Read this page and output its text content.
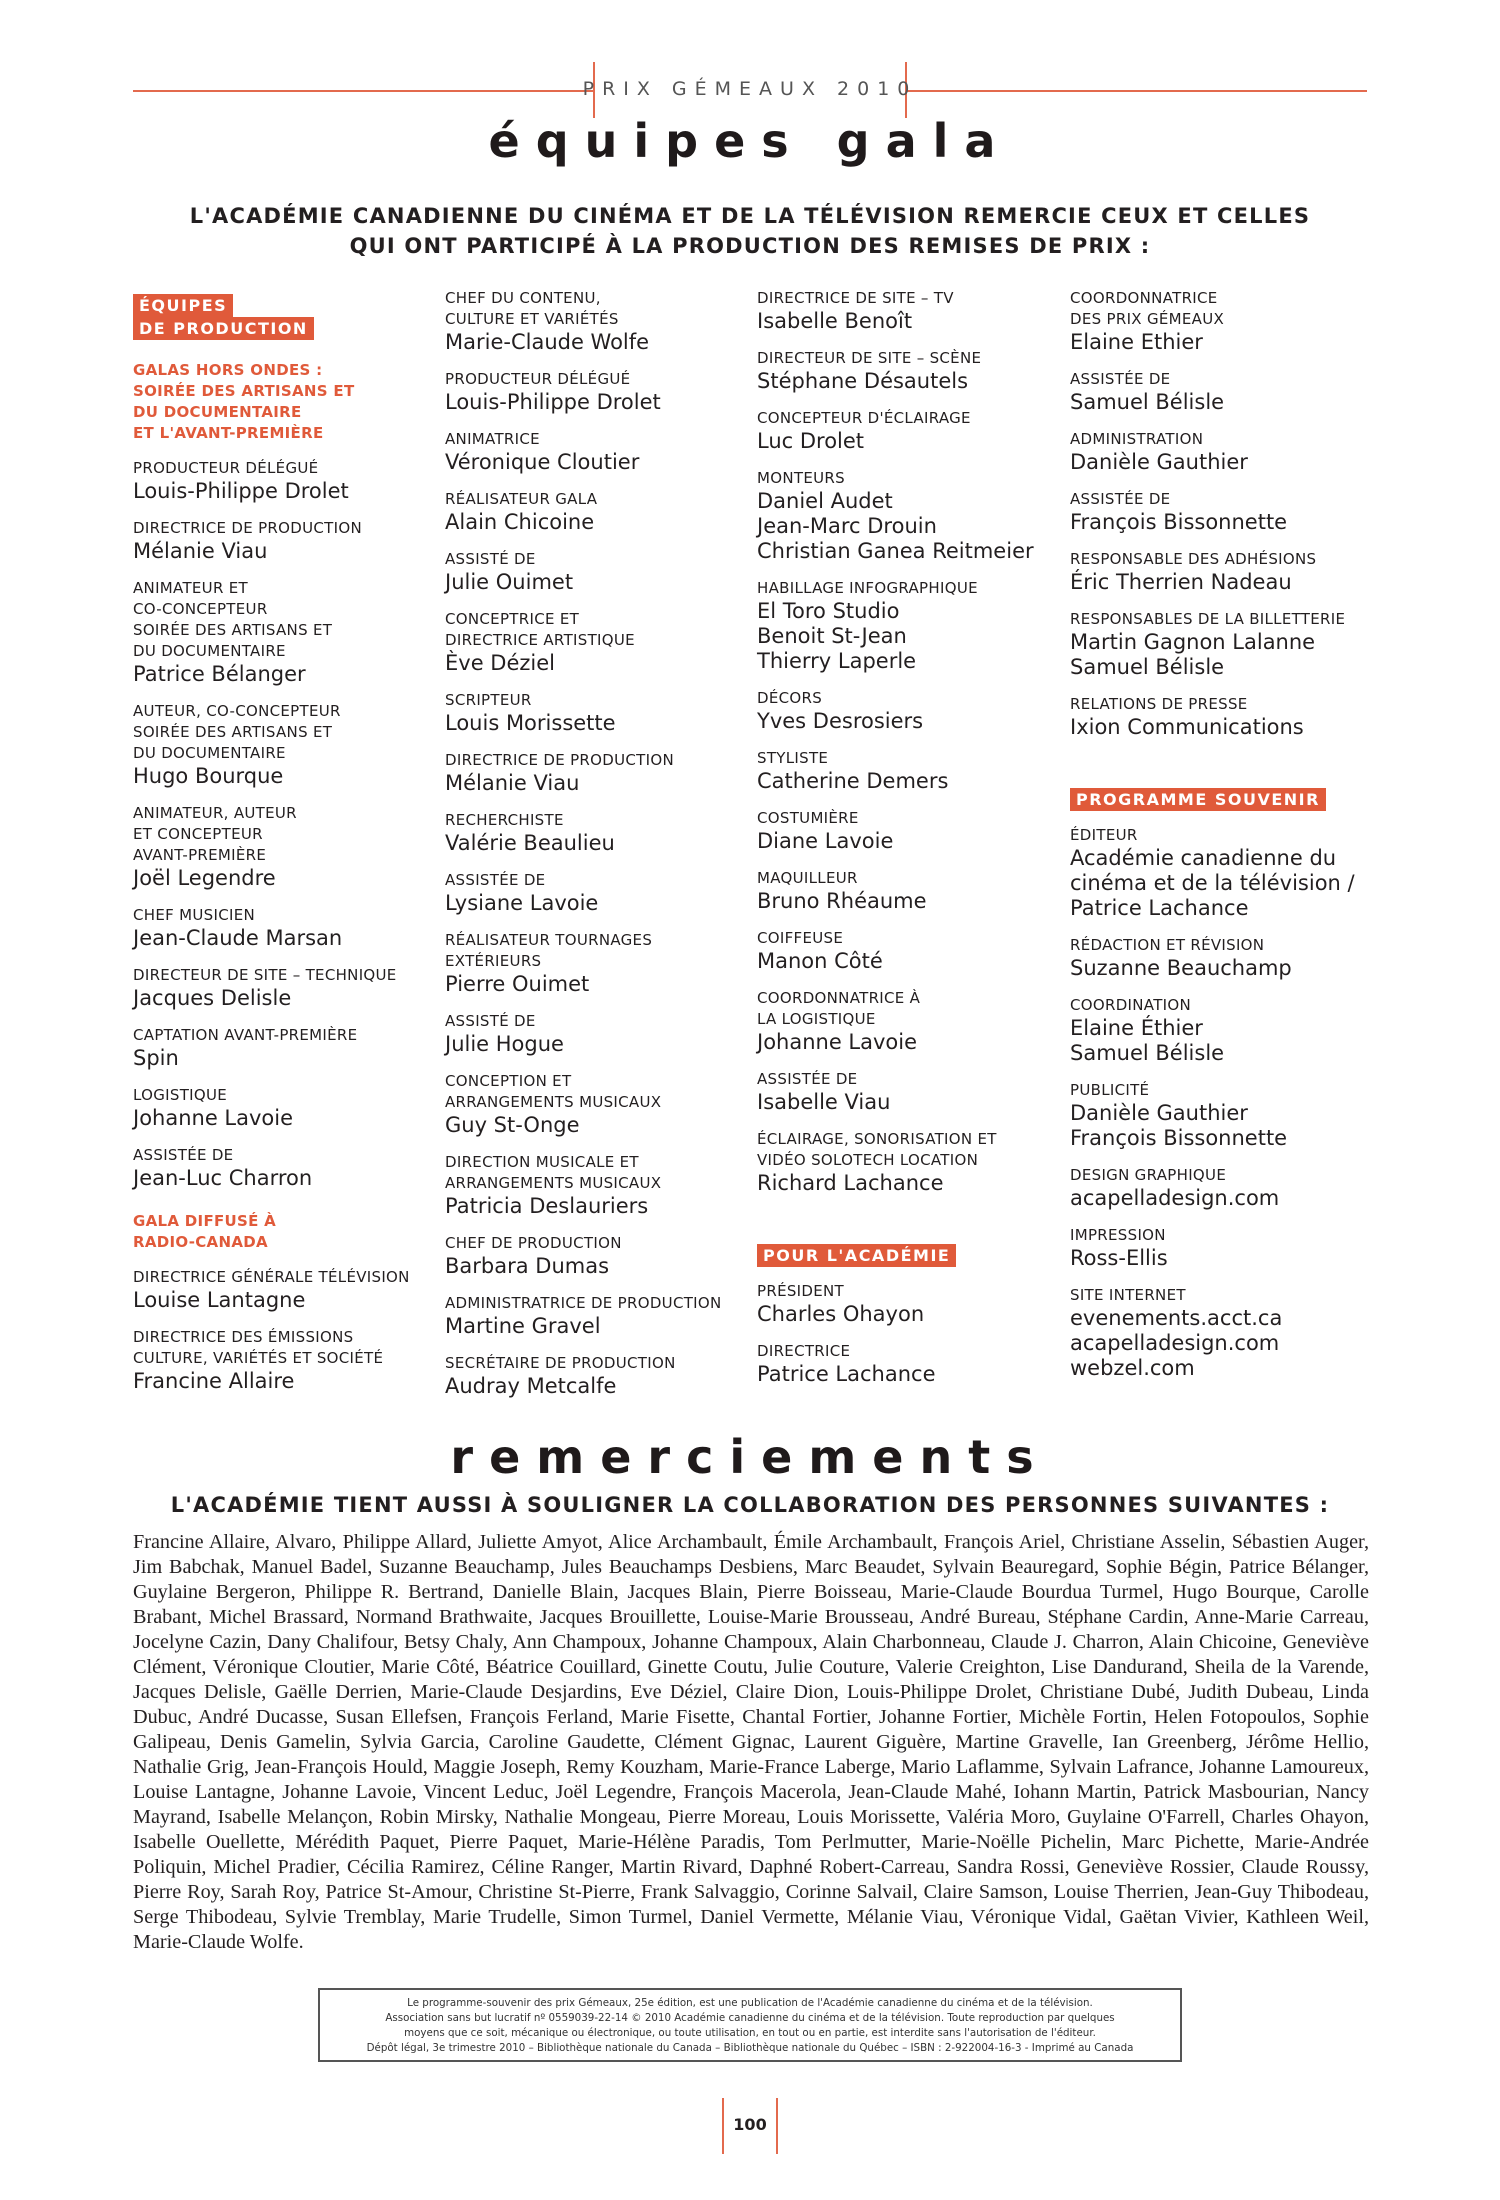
PRIX GÉMEAUX 2010
équipes gala
L'ACADÉMIE CANADIENNE DU CINÉMA ET DE LA TÉLÉVISION REMERCIE CEUX ET CELLES
QUI ONT PARTICIPÉ À LA PRODUCTION DES REMISES DE PRIX :
ÉQUIPES
DE PRODUCTION
GALAS HORS ONDES :
SOIRÉE DES ARTISANS ET
DU DOCUMENTAIRE
ET L'AVANT-PREMIÈRE
PRODUCTEUR DÉLÉGUÉ
Louis-Philippe Drolet
DIRECTRICE DE PRODUCTION
Mélanie Viau
ANIMATEUR ET
CO-CONCEPTEUR
SOIRÉE DES ARTISANS ET
DU DOCUMENTAIRE
Patrice Bélanger
AUTEUR, CO-CONCEPTEUR
SOIRÉE DES ARTISANS ET
DU DOCUMENTAIRE
Hugo Bourque
ANIMATEUR, AUTEUR
ET CONCEPTEUR
AVANT-PREMIÈRE
Joël Legendre
CHEF MUSICIEN
Jean-Claude Marsan
DIRECTEUR DE SITE – TECHNIQUE
Jacques Delisle
CAPTATION AVANT-PREMIÈRE
Spin
LOGISTIQUE
Johanne Lavoie
ASSISTÉE DE
Jean-Luc Charron
GALA DIFFUSÉ À
RADIO-CANADA
DIRECTRICE GÉNÉRALE TÉLÉVISION
Louise Lantagne
DIRECTRICE DES ÉMISSIONS
CULTURE, VARIÉTÉS ET SOCIÉTÉ
Francine Allaire
CHEF DU CONTENU,
CULTURE ET VARIÉTÉS
Marie-Claude Wolfe
PRODUCTEUR DÉLÉGUÉ
Louis-Philippe Drolet
ANIMATRICE
Véronique Cloutier
RÉALISATEUR GALA
Alain Chicoine
ASSISTÉ DE
Julie Ouimet
CONCEPTRICE ET
DIRECTRICE ARTISTIQUE
Ève Déziel
SCRIPTEUR
Louis Morissette
DIRECTRICE DE PRODUCTION
Mélanie Viau
RECHERCHISTE
Valérie Beaulieu
ASSISTÉE DE
Lysiane Lavoie
RÉALISATEUR TOURNAGES
EXTÉRIEURS
Pierre Ouimet
ASSISTÉ DE
Julie Hogue
CONCEPTION ET
ARRANGEMENTS MUSICAUX
Guy St-Onge
DIRECTION MUSICALE ET
ARRANGEMENTS MUSICAUX
Patricia Deslauriers
CHEF DE PRODUCTION
Barbara Dumas
ADMINISTRATRICE DE PRODUCTION
Martine Gravel
SECRÉTAIRE DE PRODUCTION
Audray Metcalfe
DIRECTRICE DE SITE – TV
Isabelle Benoît
DIRECTEUR DE SITE – SCÈNE
Stéphane Désautels
CONCEPTEUR D'ÉCLAIRAGE
Luc Drolet
MONTEURS
Daniel Audet
Jean-Marc Drouin
Christian Ganea Reitmeier
HABILLAGE INFOGRAPHIQUE
El Toro Studio
Benoit St-Jean
Thierry Laperle
DÉCORS
Yves Desrosiers
STYLISTE
Catherine Demers
COSTUMIÈRE
Diane Lavoie
MAQUILLEUR
Bruno Rhéaume
COIFFEUSE
Manon Côté
COORDONNATRICE À
LA LOGISTIQUE
Johanne Lavoie
ASSISTÉE DE
Isabelle Viau
ÉCLAIRAGE, SONORISATION ET
VIDÉO SOLOTECH LOCATION
Richard Lachance
POUR L'ACADÉMIE
PRÉSIDENT
Charles Ohayon
DIRECTRICE
Patrice Lachance
COORDONNATRICE
DES PRIX GÉMEAUX
Elaine Ethier
ASSISTÉE DE
Samuel Bélisle
ADMINISTRATION
Danièle Gauthier
ASSISTÉE DE
François Bissonnette
RESPONSABLE DES ADHÉSIONS
Éric Therrien Nadeau
RESPONSABLES DE LA BILLETTERIE
Martin Gagnon Lalanne
Samuel Bélisle
RELATIONS DE PRESSE
Ixion Communications
PROGRAMME SOUVENIR
ÉDITEUR
Académie canadienne du
cinéma et de la télévision /
Patrice Lachance
RÉDACTION ET RÉVISION
Suzanne Beauchamp
COORDINATION
Elaine Éthier
Samuel Bélisle
PUBLICITÉ
Danièle Gauthier
François Bissonnette
DESIGN GRAPHIQUE
acapelladesign.com
IMPRESSION
Ross-Ellis
SITE INTERNET
evenements.acct.ca
acapelladesign.com
webzel.com
remerciements
L'ACADÉMIE TIENT AUSSI À SOULIGNER LA COLLABORATION DES PERSONNES SUIVANTES :
Francine Allaire, Alvaro, Philippe Allard, Juliette Amyot, Alice Archambault, Émile Archambault, François Ariel, Christiane Asselin, Sébastien Auger, Jim Babchak, Manuel Badel, Suzanne Beauchamp, Jules Beauchamps Desbiens, Marc Beaudet, Sylvain Beauregard, Sophie Bégin, Patrice Bélanger, Guylaine Bergeron, Philippe R. Bertrand, Danielle Blain, Jacques Blain, Pierre Boisseau, Marie-Claude Bourdua Turmel, Hugo Bourque, Carolle Brabant, Michel Brassard, Normand Brathwaite, Jacques Brouillette, Louise-Marie Brousseau, André Bureau, Stéphane Cardin, Anne-Marie Carreau, Jocelyne Cazin, Dany Chalifour, Betsy Chaly, Ann Champoux, Johanne Champoux, Alain Charbonneau, Claude J. Charron, Alain Chicoine, Geneviève Clément, Véronique Cloutier, Marie Côté, Béatrice Couillard, Ginette Coutu, Julie Couture, Valerie Creighton, Lise Dandurand, Sheila de la Varende, Jacques Delisle, Gaëlle Derrien, Marie-Claude Desjardins, Eve Déziel, Claire Dion, Louis-Philippe Drolet, Christiane Dubé, Judith Dubeau, Linda Dubuc, André Ducasse, Susan Ellefsen, François Ferland, Marie Fisette, Chantal Fortier, Johanne Fortier, Michèle Fortin, Helen Fotopoulos, Sophie Galipeau, Denis Gamelin, Sylvia Garcia, Caroline Gaudette, Clément Gignac, Laurent Giguère, Martine Gravelle, Ian Greenberg, Jérôme Hellio, Nathalie Grig, Jean-François Hould, Maggie Joseph, Remy Kouzham, Marie-France Laberge, Mario Laflamme, Sylvain Lafrance, Johanne Lamoureux, Louise Lantagne, Johanne Lavoie, Vincent Leduc, Joël Legendre, François Macerola, Jean-Claude Mahé, Iohann Martin, Patrick Masbourian, Nancy Mayrand, Isabelle Melançon, Robin Mirsky, Nathalie Mongeau, Pierre Moreau, Louis Morissette, Valéria Moro, Guylaine O'Farrell, Charles Ohayon, Isabelle Ouellette, Mérédith Paquet, Pierre Paquet, Marie-Hélène Paradis, Tom Perlmutter, Marie-Noëlle Pichelin, Marc Pichette, Marie-Andrée Poliquin, Michel Pradier, Cécilia Ramirez, Céline Ranger, Martin Rivard, Daphné Robert-Carreau, Sandra Rossi, Geneviève Rossier, Claude Roussy, Pierre Roy, Sarah Roy, Patrice St-Amour, Christine St-Pierre, Frank Salvaggio, Corinne Salvail, Claire Samson, Louise Therrien, Jean-Guy Thibodeau, Serge Thibodeau, Sylvie Tremblay, Marie Trudelle, Simon Turmel, Daniel Vermette, Mélanie Viau, Véronique Vidal, Gaëtan Vivier, Kathleen Weil, Marie-Claude Wolfe.
Le programme-souvenir des prix Gémeaux, 25e édition, est une publication de l'Académie canadienne du cinéma et de la télévision.
Association sans but lucratif nº 0559039-22-14 © 2010 Académie canadienne du cinéma et de la télévision. Toute reproduction par quelques
moyens que ce soit, mécanique ou électronique, ou toute utilisation, en tout ou en partie, est interdite sans l'autorisation de l'éditeur.
Dépôt légal, 3e trimestre 2010 – Bibliothèque nationale du Canada – Bibliothèque nationale du Québec – ISBN : 2-922004-16-3 - Imprimé au Canada
100
